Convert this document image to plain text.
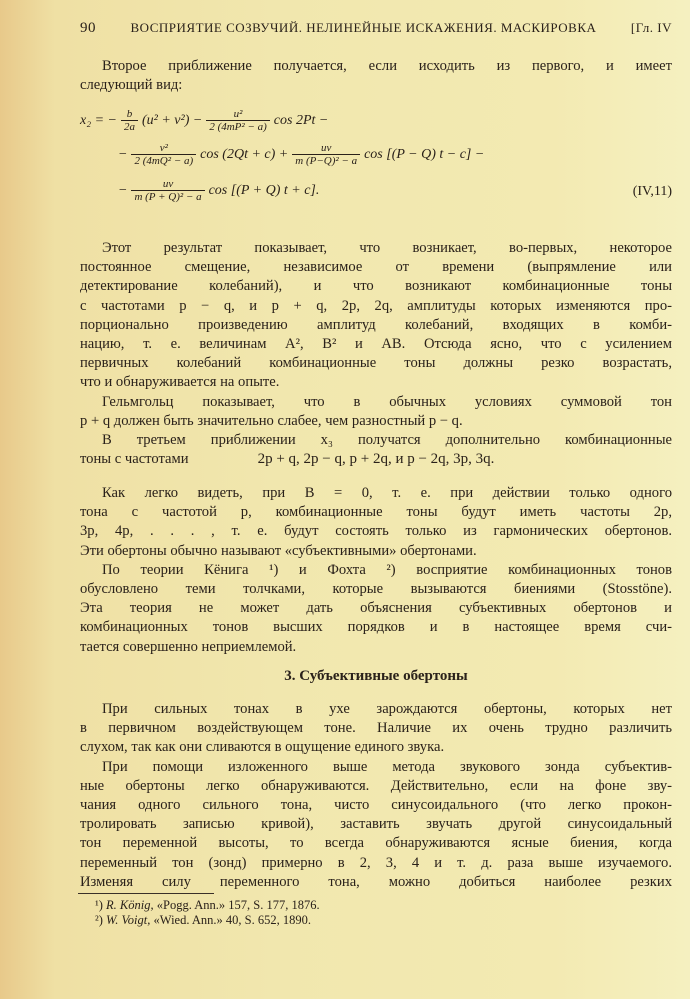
90	ВОСПРИЯТИЕ СОЗВУЧИЙ. НЕЛИНЕЙНЫЕ ИСКАЖЕНИЯ. МАСКИРОВКА	[Гл. IV
Второе приближение получается, если исходить из первого, и имеет
следующий вид:
x₂ = − $\frac{b}{2a} (u^2 + v^2) - \frac{\text{u²}}{\text{2 (4mP² − a)}}$ cos 2Pt −
− $\frac{\text{v²}}{\text{2 (4mQ² − a)}}$ $\cos (2Qt + c) + \frac{uv}{\text{m (P−Q)² − a}}$ cos [(P − Q) t − c] −
− $\frac{uv}{\text{m (P + Q)² − a}}$ cos [(P + Q) t + c].	(IV,11)
Этот результат показывает, что возникает, во-первых, некоторое
постоянное смещение, независимое от времени (выпрямление или
детектирование колебаний), и что возникают комбинационные тоны
с частотами p − q, и p + q, 2p, 2q, амплитуды которых изменяются про-
порционально произведению амплитуд колебаний, входящих в комби-
нацию, т. е. величинам A², B² и AB. Отсюда ясно, что с усилением
первичных колебаний комбинационные тоны должны резко возрастать,
что и обнаруживается на опыте.
Гельмгольц показывает, что в обычных условиях суммовой тон
p + q должен быть значительно слабее, чем разностный p − q.
В третьем приближении x₃ получатся дополнительно комбинационные
тоны с частотами	2p + q, 2p − q, p + 2q, и p − 2q, 3p, 3q.
Как легко видеть, при B = 0, т. е. при действии только одного
тона с частотой p, комбинационные тоны будут иметь частоты 2p,
3p, 4p, . . . , т. е. будут состоять только из гармонических обертонов.
Эти обертоны обычно называют «субъективными» обертонами.
По теории Кёнига ¹) и Фохта ²) восприятие комбинационных тонов
обусловлено теми толчками, которые вызываются биениями (Stosstöne).
Эта теория не может дать объяснения субъективных обертонов и
комбинационных тонов высших порядков и в настоящее время счи-
тается совершенно неприемлемой.
3. Субъективные обертоны
При сильных тонах в ухе зарождаются обертоны, которых нет
в первичном воздействующем тоне. Наличие их очень трудно различить
слухом, так как они сливаются в ощущение единого звука.
При помощи изложенного выше метода звукового зонда субъектив-
ные обертоны легко обнаруживаются. Действительно, если на фоне зву-
чания одного сильного тона, чисто синусоидального (что легко прокон-
тролировать записью кривой), заставить звучать другой синусоидальный
тон переменной высоты, то всегда обнаруживаются ясные биения, когда
переменный тон (зонд) примерно в 2, 3, 4 и т. д. раза выше изучаемого.
Изменяя силу переменного тона, можно добиться наиболее резких
¹) R. König, «Pogg. Ann.» 157, S. 177, 1876.
²) W. Voigt, «Wied. Ann.» 40, S. 652, 1890.
